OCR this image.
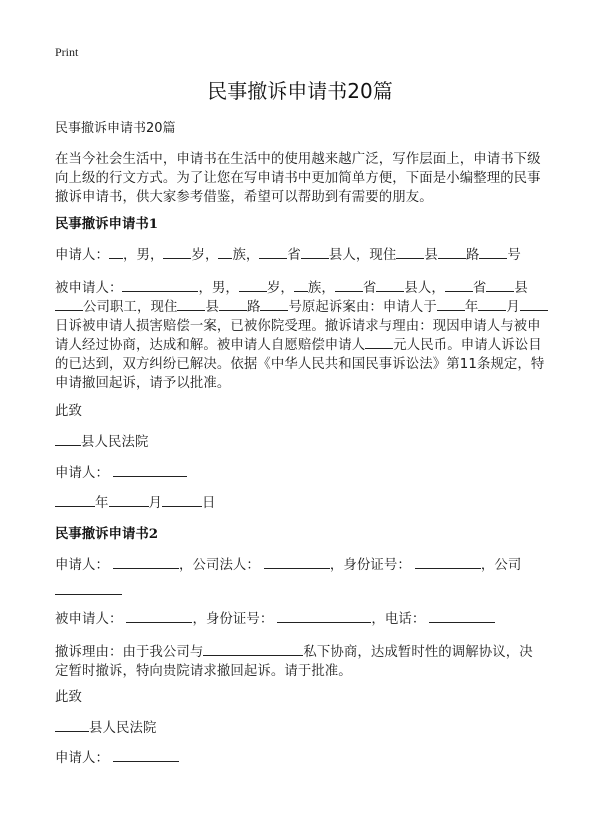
Print
民事撤诉申请书20篇
民事撤诉申请书20篇
在当今社会生活中，申请书在生活中的使用越来越广泛，写作层面上，申请书下级
向上级的行文方式。为了让您在写申请书中更加简单方便，下面是小编整理的民事
撤诉申请书，供大家参考借鉴，希望可以帮助到有需要的朋友。
民事撤诉申请书1
申请人： ，男， 岁， 族， 省 县人，现住 县 路 号
被申请人：	，男， 岁， 族， 省 县人， 省 县
公司职工，现住 县 路 号原起诉案由：申请人于 年 月
日诉被申请人损害赔偿一案，已被你院受理。撤诉请求与理由：现因申请人与被申
请人经过协商，达成和解。被申请人自愿赔偿申请人 元人民币。申请人诉讼目
的已达到，双方纠纷已解决。依据《中华人民共和国民事诉讼法》第11条规定，特
申请撤回起诉，请予以批准。
此致
县人民法院
申请人：
年	月	日
民事撤诉申请书2
申请人：	，公司法人：	，身份证号：	，公司
被申请人：	，身份证号：	，电话：
撤诉理由：由于我公司与	私下协商，达成暂时性的调解协议，决
定暂时撤诉，特向贵院请求撤回起诉。请于批准。
此致
县人民法院
申请人：
